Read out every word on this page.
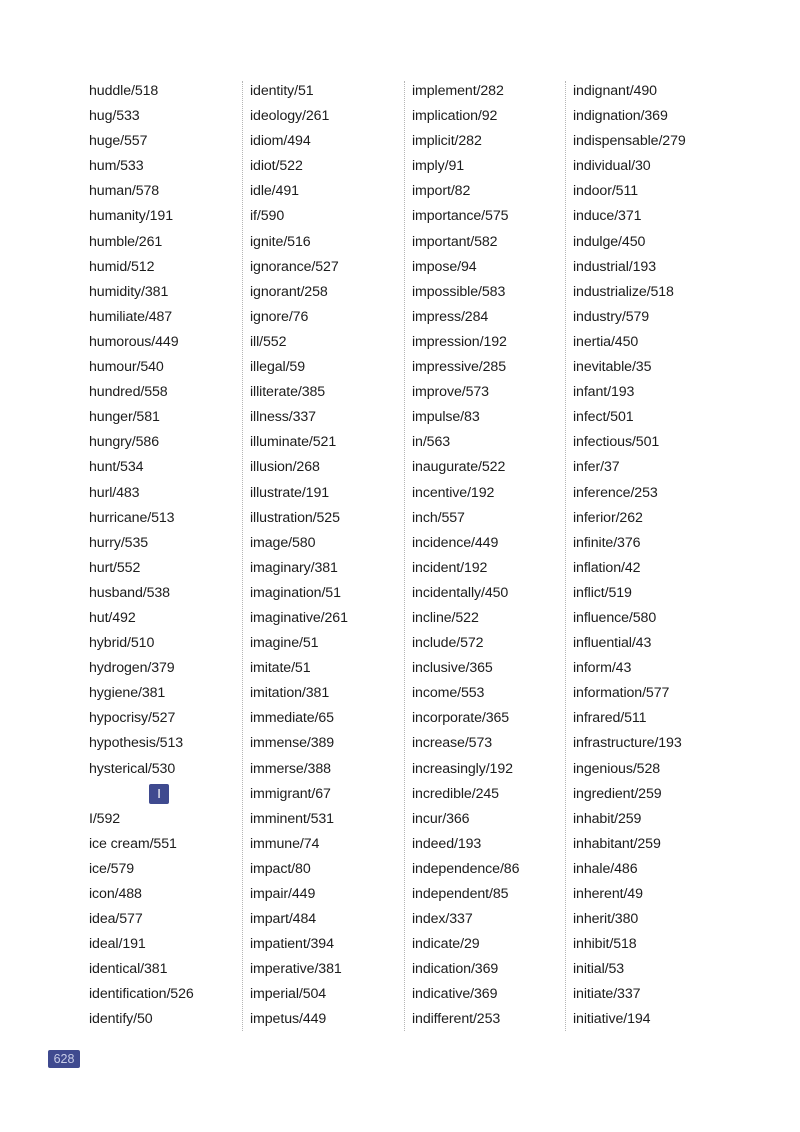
huddle/518
hug/533
huge/557
hum/533
human/578
humanity/191
humble/261
humid/512
humidity/381
humiliate/487
humorous/449
humour/540
hundred/558
hunger/581
hungry/586
hunt/534
hurl/483
hurricane/513
hurry/535
hurt/552
husband/538
hut/492
hybrid/510
hydrogen/379
hygiene/381
hypocrisy/527
hypothesis/513
hysterical/530
I
I/592
ice cream/551
ice/579
icon/488
idea/577
ideal/191
identical/381
identification/526
identify/50
identity/51
ideology/261
idiom/494
idiot/522
idle/491
if/590
ignite/516
ignorance/527
ignorant/258
ignore/76
ill/552
illegal/59
illiterate/385
illness/337
illuminate/521
illusion/268
illustrate/191
illustration/525
image/580
imaginary/381
imagination/51
imaginative/261
imagine/51
imitate/51
imitation/381
immediate/65
immense/389
immerse/388
immigrant/67
imminent/531
immune/74
impact/80
impair/449
impart/484
impatient/394
imperative/381
imperial/504
impetus/449
implement/282
implication/92
implicit/282
imply/91
import/82
importance/575
important/582
impose/94
impossible/583
impress/284
impression/192
impressive/285
improve/573
impulse/83
in/563
inaugurate/522
incentive/192
inch/557
incidence/449
incident/192
incidentally/450
incline/522
include/572
inclusive/365
income/553
incorporate/365
increase/573
increasingly/192
incredible/245
incur/366
indeed/193
independence/86
independent/85
index/337
indicate/29
indication/369
indicative/369
indifferent/253
indignant/490
indignation/369
indispensable/279
individual/30
indoor/511
induce/371
indulge/450
industrial/193
industrialize/518
industry/579
inertia/450
inevitable/35
infant/193
infect/501
infectious/501
infer/37
inference/253
inferior/262
infinite/376
inflation/42
inflict/519
influence/580
influential/43
inform/43
information/577
infrared/511
infrastructure/193
ingenious/528
ingredient/259
inhabit/259
inhabitant/259
inhale/486
inherent/49
inherit/380
inhibit/518
initial/53
initiate/337
initiative/194
628
